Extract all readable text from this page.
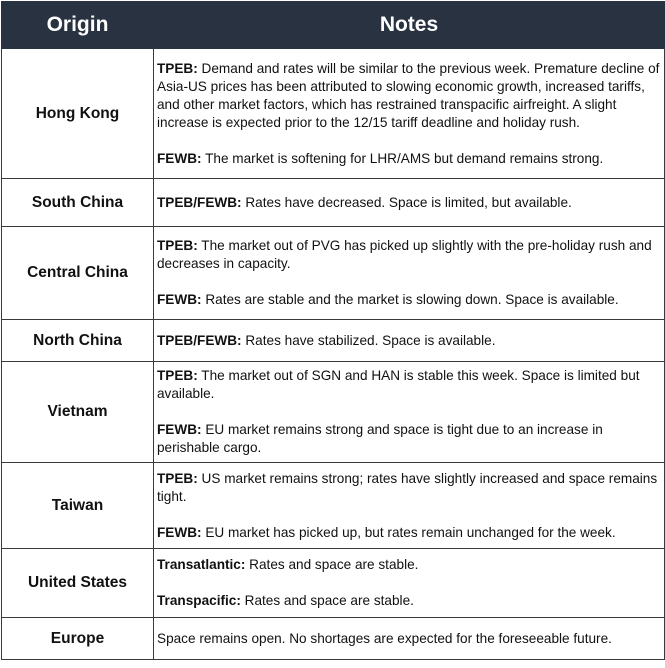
Origin	Notes
Hong Kong	TPEB: Demand and rates will be similar to the previous week. Premature decline of Asia-US prices has been attributed to slowing economic growth, increased tariffs, and other market factors, which has restrained transpacific airfreight. A slight increase is expected prior to the 12/15 tariff deadline and holiday rush.

FEWB: The market is softening for LHR/AMS but demand remains strong.

South China	TPEB/FEWB: Rates have decreased. Space is limited, but available.

Central China	TPEB: The market out of PVG has picked up slightly with the pre-holiday rush and decreases in capacity.

FEWB: Rates are stable and the market is slowing down. Space is available.

North China	TPEB/FEWB: Rates have stabilized. Space is available.

Vietnam	TPEB: The market out of SGN and HAN is stable this week. Space is limited but available.

FEWB: EU market remains strong and space is tight due to an increase in perishable cargo.

Taiwan	TPEB: US market remains strong; rates have slightly increased and space remains tight.

FEWB: EU market has picked up, but rates remain unchanged for the week.

United States	Transatlantic: Rates and space are stable.

Transpacific: Rates and space are stable.

Europe	Space remains open. No shortages are expected for the foreseeable future.
